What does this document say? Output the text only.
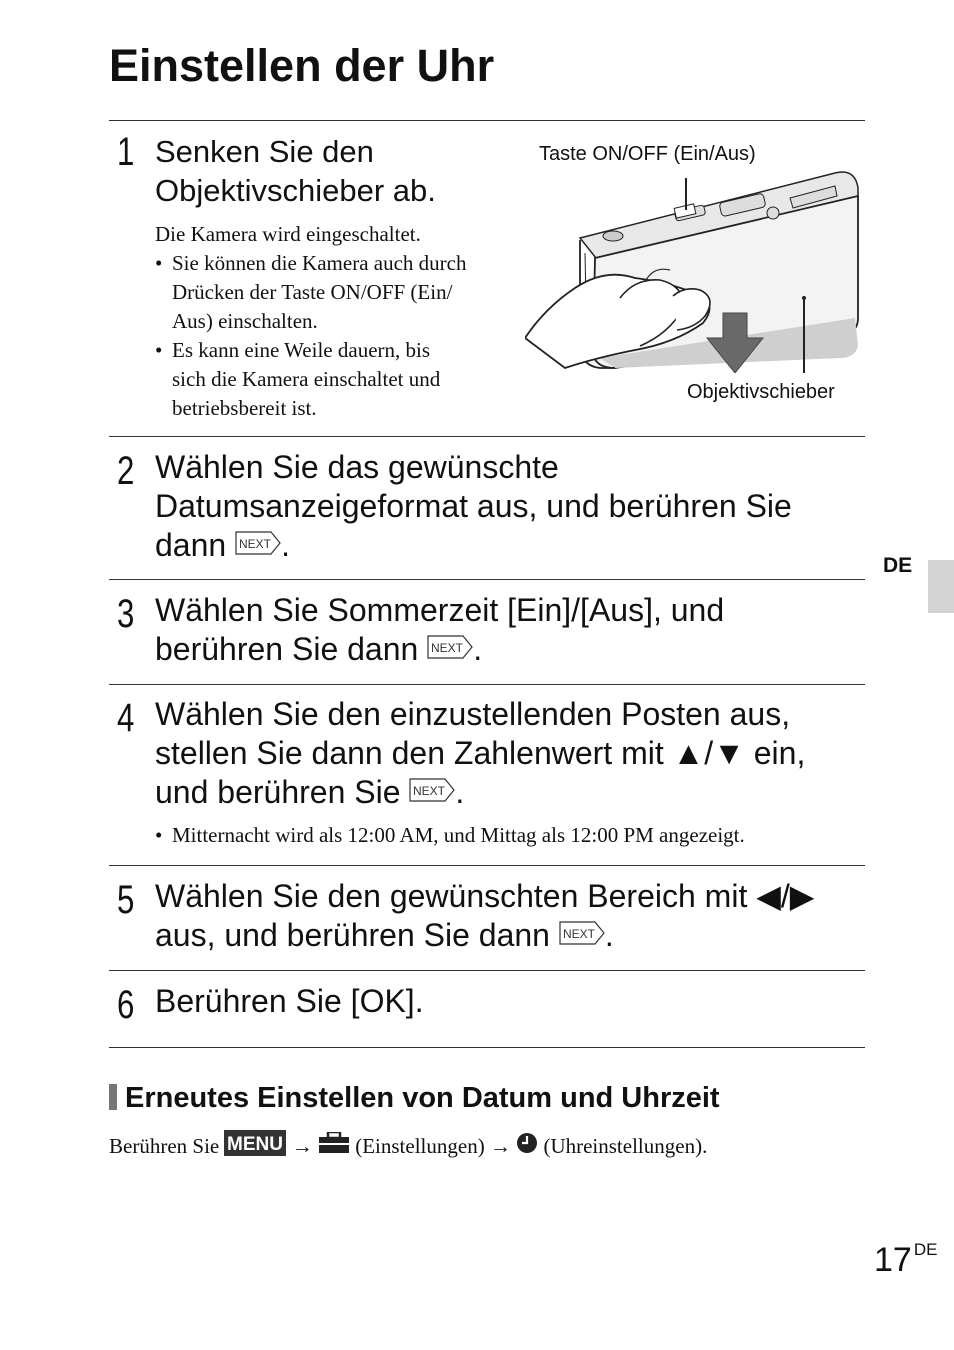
Einstellen der Uhr
DE
1 Senken Sie den
Objektivschieber ab.
Die Kamera wird eingeschaltet.
• Sie können die Kamera auch durch
Drücken der Taste ON/OFF (Ein/
Aus) einschalten.
• Es kann eine Weile dauern, bis
sich die Kamera einschaltet und
betriebsbereit ist.
Taste ON/OFF (Ein/Aus)
Objektivschieber
2 Wählen Sie das gewünschte
Datumsanzeigeformat aus, und berühren Sie
dann NEXT .
3 Wählen Sie Sommerzeit [Ein]/[Aus], und
berühren Sie dann NEXT .
4 Wählen Sie den einzustellenden Posten aus,
stellen Sie dann den Zahlenwert mit ▲/▼ ein,
und berühren Sie NEXT .
• Mitternacht wird als 12:00 AM, und Mittag als 12:00 PM angezeigt.
5 Wählen Sie den gewünschten Bereich mit ◀/▶
aus, und berühren Sie dann NEXT .
6 Berühren Sie [OK].
Erneutes Einstellen von Datum und Uhrzeit
Berühren Sie MENU → (Einstellungen) → (Uhreinstellungen).
17 $^{DE}$
